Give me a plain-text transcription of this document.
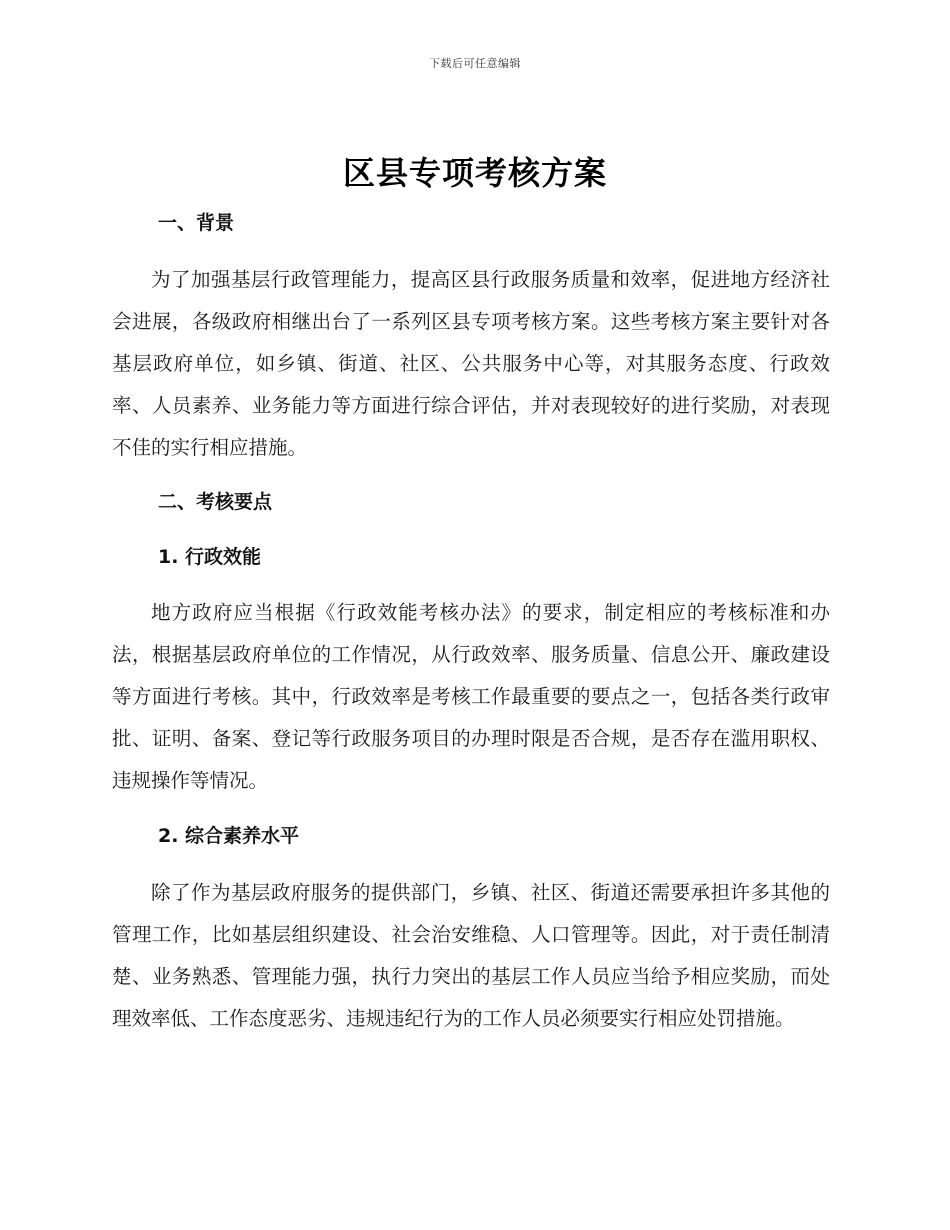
下载后可任意编辑
区县专项考核方案
一、背景

为了加强基层行政管理能力，提高区县行政服务质量和效率，促进地方经济社会进展，各级政府相继出台了一系列区县专项考核方案。这些考核方案主要针对各基层政府单位，如乡镇、街道、社区、公共服务中心等，对其服务态度、行政效率、人员素养、业务能力等方面进行综合评估，并对表现较好的进行奖励，对表现不佳的实行相应措施。

二、考核要点
1. 行政效能

地方政府应当根据《行政效能考核办法》的要求，制定相应的考核标准和办法，根据基层政府单位的工作情况，从行政效率、服务质量、信息公开、廉政建设等方面进行考核。其中，行政效率是考核工作最重要的要点之一，包括各类行政审批、证明、备案、登记等行政服务项目的办理时限是否合规，是否存在滥用职权、违规操作等情况。

2. 综合素养水平

除了作为基层政府服务的提供部门，乡镇、社区、街道还需要承担许多其他的管理工作，比如基层组织建设、社会治安维稳、人口管理等。因此，对于责任制清楚、业务熟悉、管理能力强，执行力突出的基层工作人员应当给予相应奖励，而处理效率低、工作态度恶劣、违规违纪行为的工作人员必须要实行相应处罚措施。
